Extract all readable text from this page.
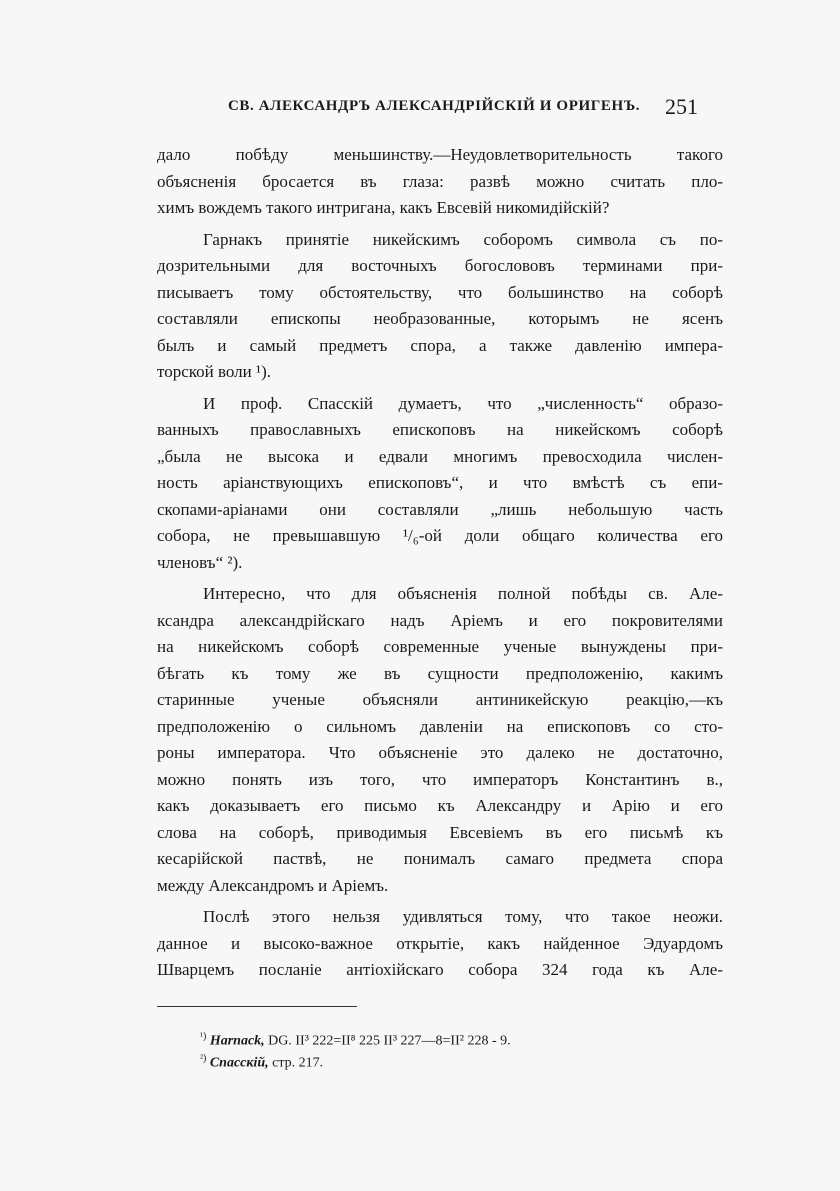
СВ. АЛЕКСАНДРЪ АЛЕКСАНДРІЙСКІЙ И ОРИГЕНЪ. 251
дало побѣду меньшинству.—Неудовлетворительность такого
объясненія бросается въ глаза: развѣ можно считать пло-
химъ вождемъ такого интригана, какъ Евсевій никомидійскій?
Гарнакъ принятіе никейскимъ соборомъ символа съ по-
дозрительными для восточныхъ богослововъ терминами при-
писываетъ тому обстоятельству, что большинство на соборѣ
составляли епископы необразованные, которымъ не ясенъ
былъ и самый предметъ спора, а также давленію импера-
торской воли ¹).
И проф. Спасскій думаетъ, что „численность“ образо-
ванныхъ православныхъ епископовъ на никейскомъ соборѣ
„была не высока и едвали многимъ превосходила числен-
ность аріанствующихъ епископовъ“, и что вмѣстѣ съ епи-
скопами-аріанами они составляли „лишь небольшую часть
собора, не превышавшую ¹/₆-ой доли общаго количества его
членовъ“ ²).
Интересно, что для объясненія полной побѣды св. Але-
ксандра александрійскаго надъ Аріемъ и его покровителями
на никейскомъ соборѣ современные ученые вынуждены при-
бѣгать къ тому же въ сущности предположенію, какимъ
старинные ученые объясняли антиникейскую реакцію,—къ
предположенію о сильномъ давленіи на епископовъ со сто-
роны императора. Что объясненіе это далеко не достаточно,
можно понять изъ того, что императоръ Константинъ в.,
какъ доказываетъ его письмо къ Александру и Арію и его
слова на соборѣ, приводимыя Евсевіемъ въ его письмѣ къ
кесарійской паствѣ, не понималъ самаго предмета спора
между Александромъ и Аріемъ.
Послѣ этого нельзя удивляться тому, что такое неожи.
данное и высоко-важное открытіе, какъ найденное Эдуардомъ
Шварцемъ посланіе антіохійскаго собора 324 года къ Але-
$^{^1)}$ Harnack, DG. II³ 222=II⁸ 225 II³ 227—8=II² 228 - 9.
$^{^2)}$ Спасскій, стр. 217.
